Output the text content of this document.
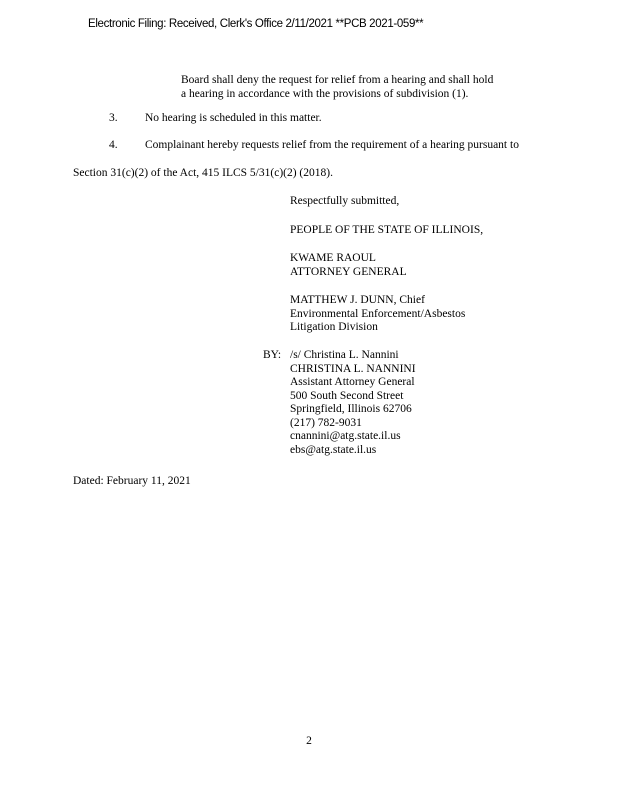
Electronic Filing: Received, Clerk's Office 2/11/2021 **PCB 2021-059**
Board shall deny the request for relief from a hearing and shall hold
a hearing in accordance with the provisions of subdivision (1).
3. No hearing is scheduled in this matter.
4. Complainant hereby requests relief from the requirement of a hearing pursuant to
Section 31(c)(2) of the Act, 415 ILCS 5/31(c)(2) (2018).
Respectfully submitted,
PEOPLE OF THE STATE OF ILLINOIS,
KWAME RAOUL
ATTORNEY GENERAL
MATTHEW J. DUNN, Chief
Environmental Enforcement/Asbestos
Litigation Division
BY: /s/ Christina L. Nannini
CHRISTINA L. NANNINI
Assistant Attorney General
500 South Second Street
Springfield, Illinois 62706
(217) 782-9031
cnannini@atg.state.il.us
ebs@atg.state.il.us
Dated: February 11, 2021
2
